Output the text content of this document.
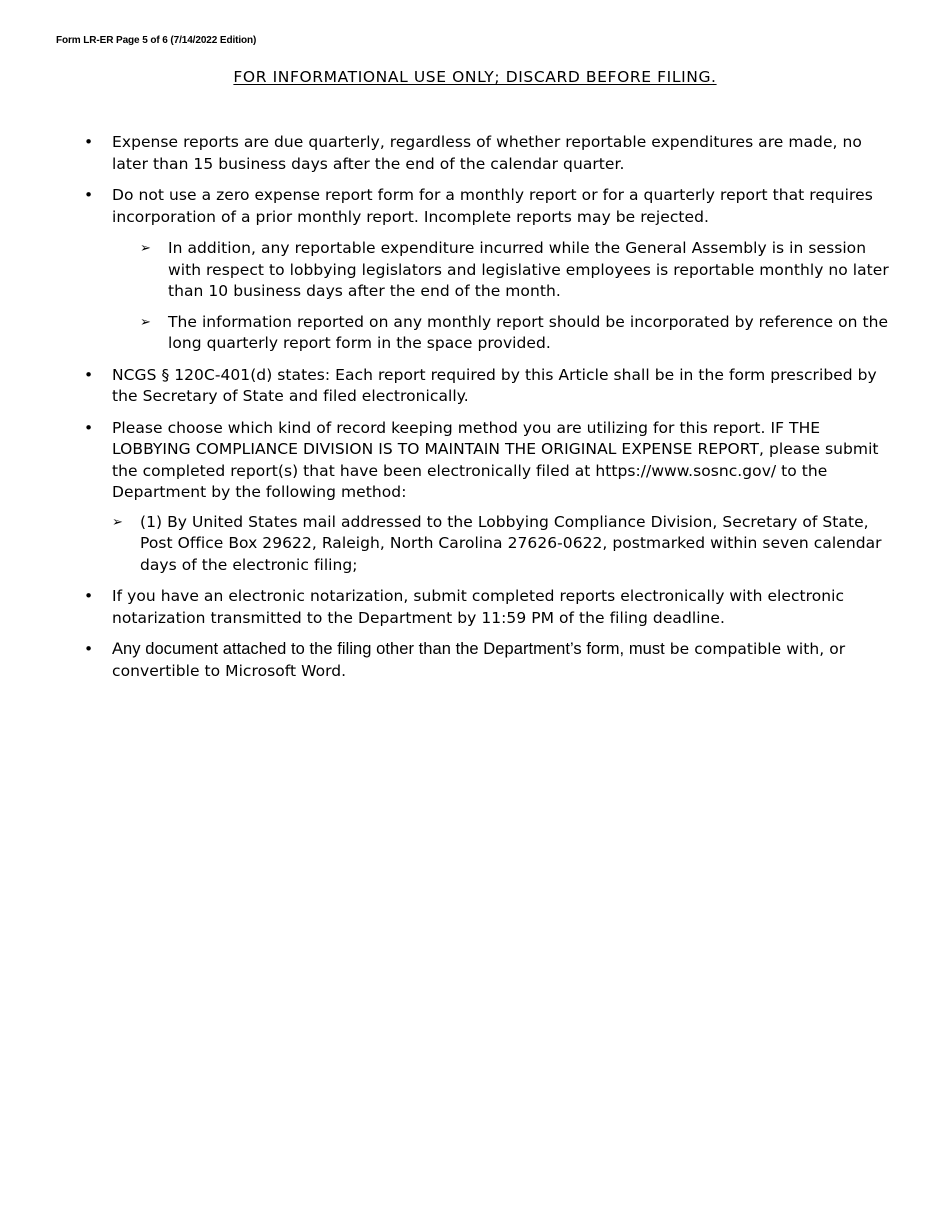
Form LR-ER Page 5 of 6 (7/14/2022 Edition)
FOR INFORMATIONAL USE ONLY; DISCARD BEFORE FILING.
•	Expense reports are due quarterly, regardless of whether reportable expenditures are made, no later than 15 business days after the end of the calendar quarter.
•	Do not use a zero expense report form for a monthly report or for a quarterly report that requires incorporation of a prior monthly report. Incomplete reports may be rejected.
➢ In addition, any reportable expenditure incurred while the General Assembly is in session with respect to lobbying legislators and legislative employees is reportable monthly no later than 10 business days after the end of the month.
➢ The information reported on any monthly report should be incorporated by reference on the long quarterly report form in the space provided.
•	NCGS § 120C-401(d) states: Each report required by this Article shall be in the form prescribed by the Secretary of State and filed electronically.
•	Please choose which kind of record keeping method you are utilizing for this report. IF THE LOBBYING COMPLIANCE DIVISION IS TO MAINTAIN THE ORIGINAL EXPENSE REPORT, please submit the completed report(s) that have been electronically filed at https://www.sosnc.gov/ to the Department by the following method:
➢ (1) By United States mail addressed to the Lobbying Compliance Division, Secretary of State, Post Office Box 29622, Raleigh, North Carolina 27626-0622, postmarked within seven calendar days of the electronic filing;
•	If you have an electronic notarization, submit completed reports electronically with electronic notarization transmitted to the Department by 11:59 PM of the filing deadline.
•	Any document attached to the filing other than the Department’s form, must be compatible with, or convertible to Microsoft Word.
